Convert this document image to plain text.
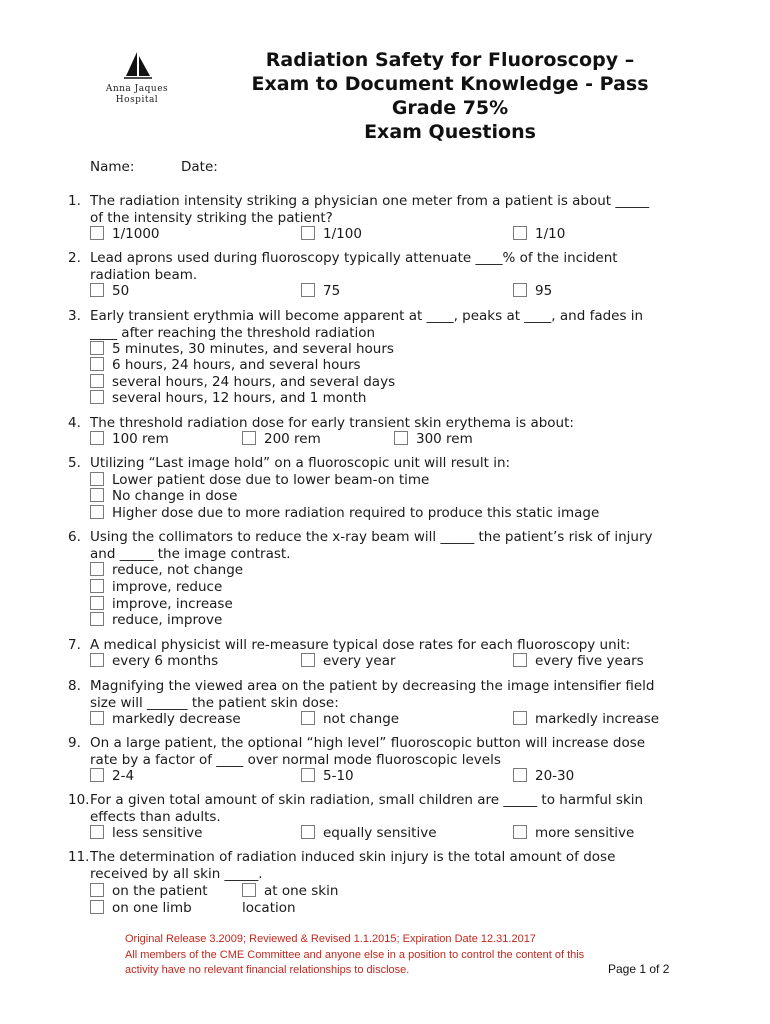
Anna Jaques
Hospital
Radiation Safety for Fluoroscopy –
Exam to Document Knowledge - Pass
Grade 75%
Exam Questions
Name:	Date:
1. The radiation intensity striking a physician one meter from a patient is about _____
of the intensity striking the patient?
1/1000	1/100	1/10
2. Lead aprons used during fluoroscopy typically attenuate ____% of the incident
radiation beam.
50	75	95
3. Early transient erythmia will become apparent at ____, peaks at ____, and fades in
____ after reaching the threshold radiation
5 minutes, 30 minutes, and several hours
6 hours, 24 hours, and several hours
several hours, 24 hours, and several days
several hours, 12 hours, and 1 month
4. The threshold radiation dose for early transient skin erythema is about:
100 rem	200 rem	300 rem
5. Utilizing “Last image hold” on a fluoroscopic unit will result in:
Lower patient dose due to lower beam-on time
No change in dose
Higher dose due to more radiation required to produce this static image
6. Using the collimators to reduce the x-ray beam will _____ the patient’s risk of injury
and _____ the image contrast.
reduce, not change
improve, reduce
improve, increase
reduce, improve
7. A medical physicist will re-measure typical dose rates for each fluoroscopy unit:
every 6 months	every year	every five years
8. Magnifying the viewed area on the patient by decreasing the image intensifier field
size will ______ the patient skin dose:
markedly decrease	not change	markedly increase
9. On a large patient, the optional “high level” fluoroscopic button will increase dose
rate by a factor of ____ over normal mode fluoroscopic levels
2-4	5-10	20-30
10. For a given total amount of skin radiation, small children are _____ to harmful skin
effects than adults.
less sensitive	equally sensitive	more sensitive
11. The determination of radiation induced skin injury is the total amount of dose
received by all skin _____.
on the patient	at one skin
on one limb	location
Original Release 3.2009; Reviewed & Revised 1.1.2015; Expiration Date 12.31.2017
All members of the CME Committee and anyone else in a position to control the content of this
activity have no relevant financial relationships to disclose.	Page 1 of 2
